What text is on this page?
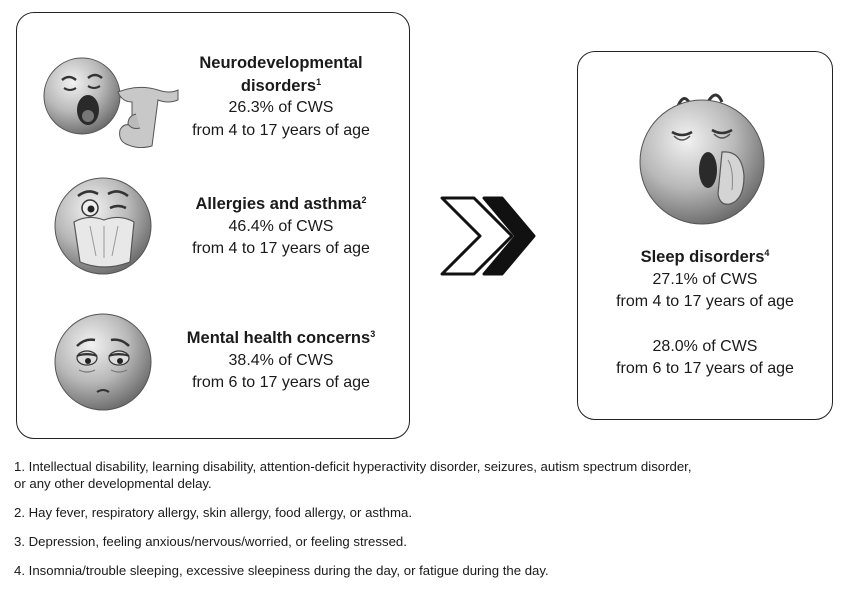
Neurodevelopmental
disorders$^1$
26.3% of CWS
from 4 to 17 years of age
Allergies and asthma$^2$
46.4% of CWS
from 4 to 17 years of age
Mental health concerns$^3$
38.4% of CWS
from 6 to 17 years of age
Sleep disorders$^4$
27.1% of CWS
from 4 to 17 years of age
28.0% of CWS
from 6 to 17 years of age

1. Intellectual disability, learning disability, attention-deficit hyperactivity disorder, seizures, autism spectrum disorder,
or any other developmental delay.

2. Hay fever, respiratory allergy, skin allergy, food allergy, or asthma.

3. Depression, feeling anxious/nervous/worried, or feeling stressed.

4. Insomnia/trouble sleeping, excessive sleepiness during the day, or fatigue during the day.
